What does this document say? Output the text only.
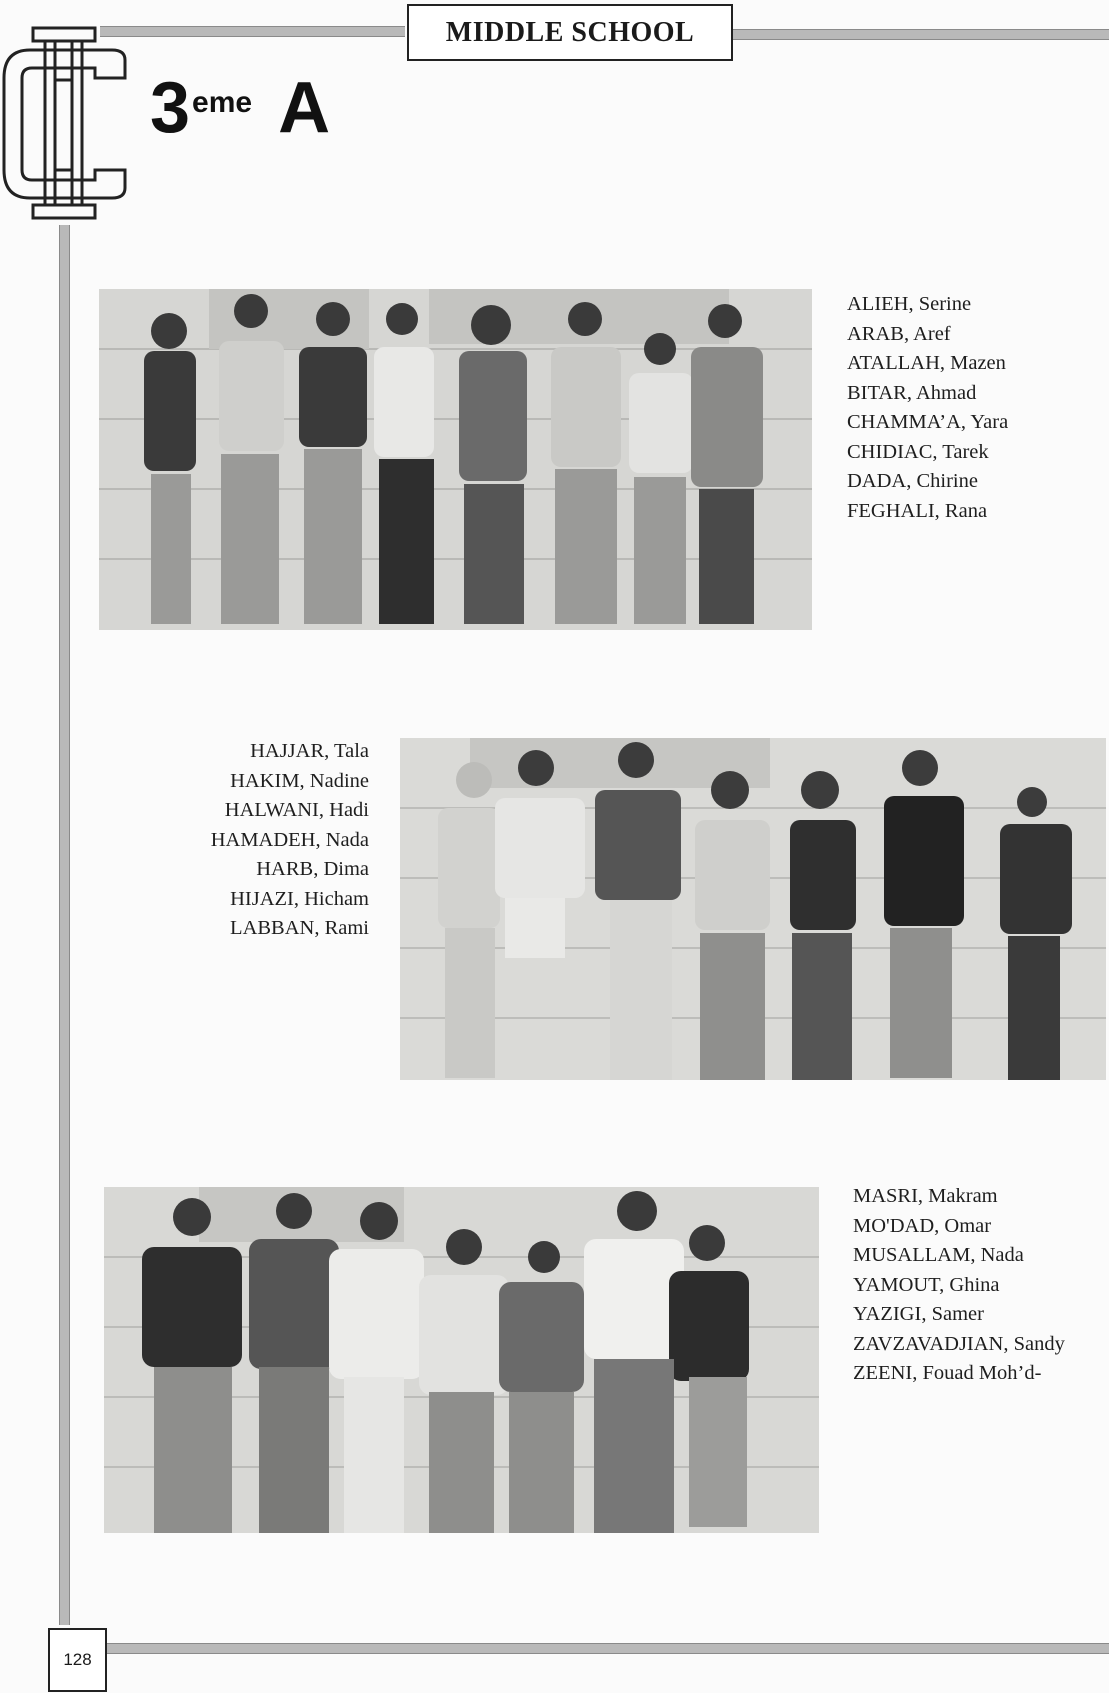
MIDDLE SCHOOL
3 eme A
ALIEH, Serine
ARAB, Aref
ATALLAH, Mazen
BITAR, Ahmad
CHAMMA’A, Yara
CHIDIAC, Tarek
DADA, Chirine
FEGHALI, Rana
HAJJAR, Tala
HAKIM, Nadine
HALWANI, Hadi
HAMADEH, Nada
HARB, Dima
HIJAZI, Hicham
LABBAN, Rami
MASRI, Makram
MO'DAD, Omar
MUSALLAM, Nada
YAMOUT, Ghina
YAZIGI, Samer
ZAVZAVADJIAN, Sandy
ZEENI, Fouad Moh’d-
128
